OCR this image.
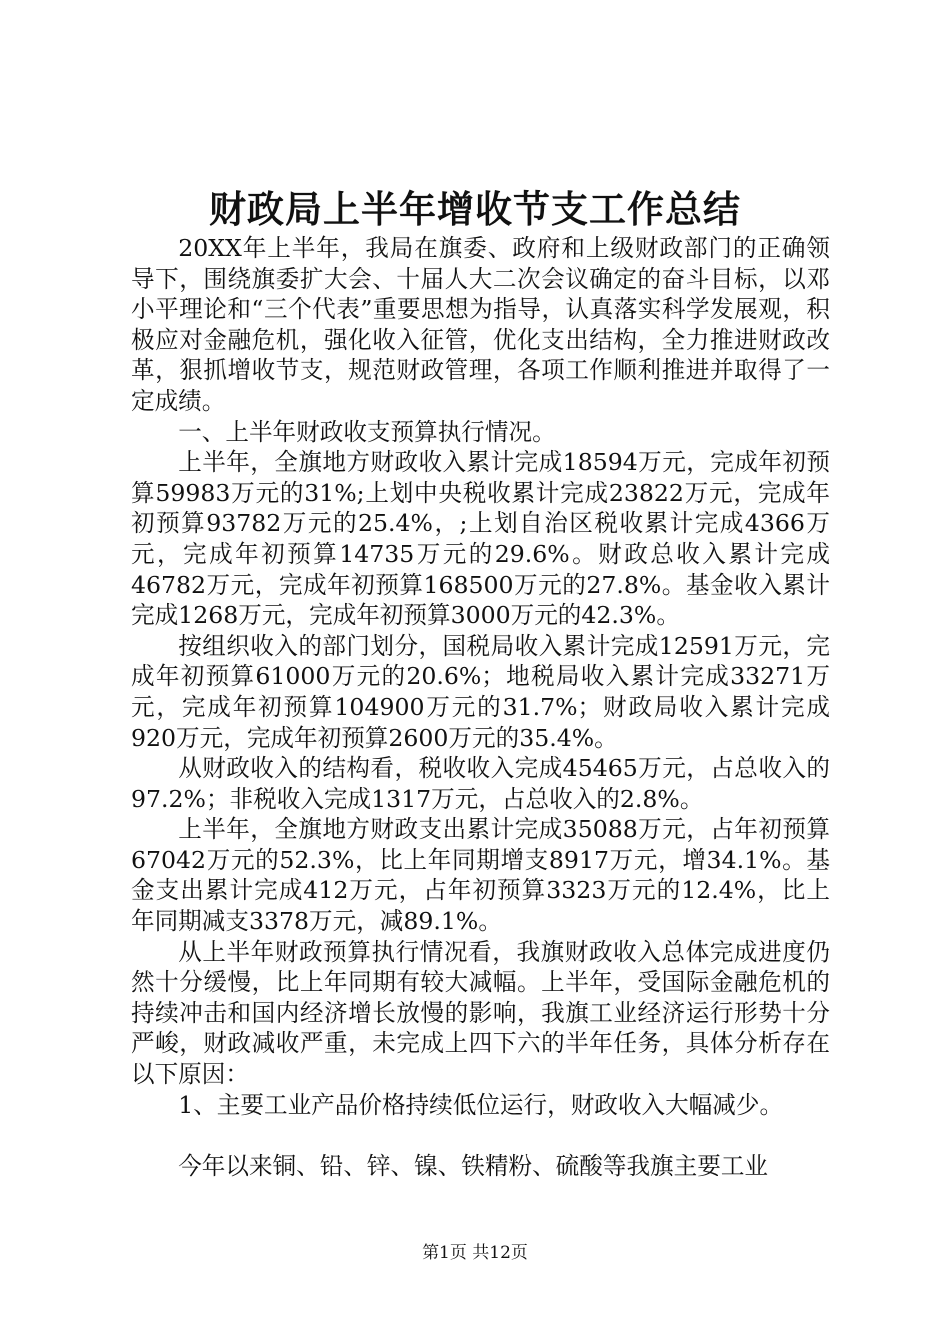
财政局上半年增收节支工作总结

20XX年上半年，我局在旗委、政府和上级财政部门的正确领导下，围绕旗委扩大会、十届人大二次会议确定的奋斗目标，以邓小平理论和“三个代表”重要思想为指导，认真落实科学发展观，积极应对金融危机，强化收入征管，优化支出结构，全力推进财政改革，狠抓增收节支，规范财政管理，各项工作顺利推进并取得了一定成绩。

一、上半年财政收支预算执行情况。

上半年，全旗地方财政收入累计完成18594万元，完成年初预算59983万元的31%;上划中央税收累计完成23822万元，完成年初预算93782万元的25.4%，;上划自治区税收累计完成4366万元，完成年初预算14735万元的29.6%。财政总收入累计完成46782万元，完成年初预算168500万元的27.8%。基金收入累计完成1268万元，完成年初预算3000万元的42.3%。

按组织收入的部门划分，国税局收入累计完成12591万元，完成年初预算61000万元的20.6%；地税局收入累计完成33271万元，完成年初预算104900万元的31.7%；财政局收入累计完成920万元，完成年初预算2600万元的35.4%。

从财政收入的结构看，税收收入完成45465万元，占总收入的97.2%；非税收入完成1317万元，占总收入的2.8%。

上半年，全旗地方财政支出累计完成35088万元，占年初预算67042万元的52.3%，比上年同期增支8917万元，增34.1%。基金支出累计完成412万元，占年初预算3323万元的12.4%，比上年同期减支3378万元，减89.1%。

从上半年财政预算执行情况看，我旗财政收入总体完成进度仍然十分缓慢，比上年同期有较大减幅。上半年，受国际金融危机的持续冲击和国内经济增长放慢的影响，我旗工业经济运行形势十分严峻，财政减收严重，未完成上四下六的半年任务，具体分析存在以下原因：

1、主要工业产品价格持续低位运行，财政收入大幅减少。

今年以来铜、铅、锌、镍、铁精粉、硫酸等我旗主要工业

第1页 共12页
